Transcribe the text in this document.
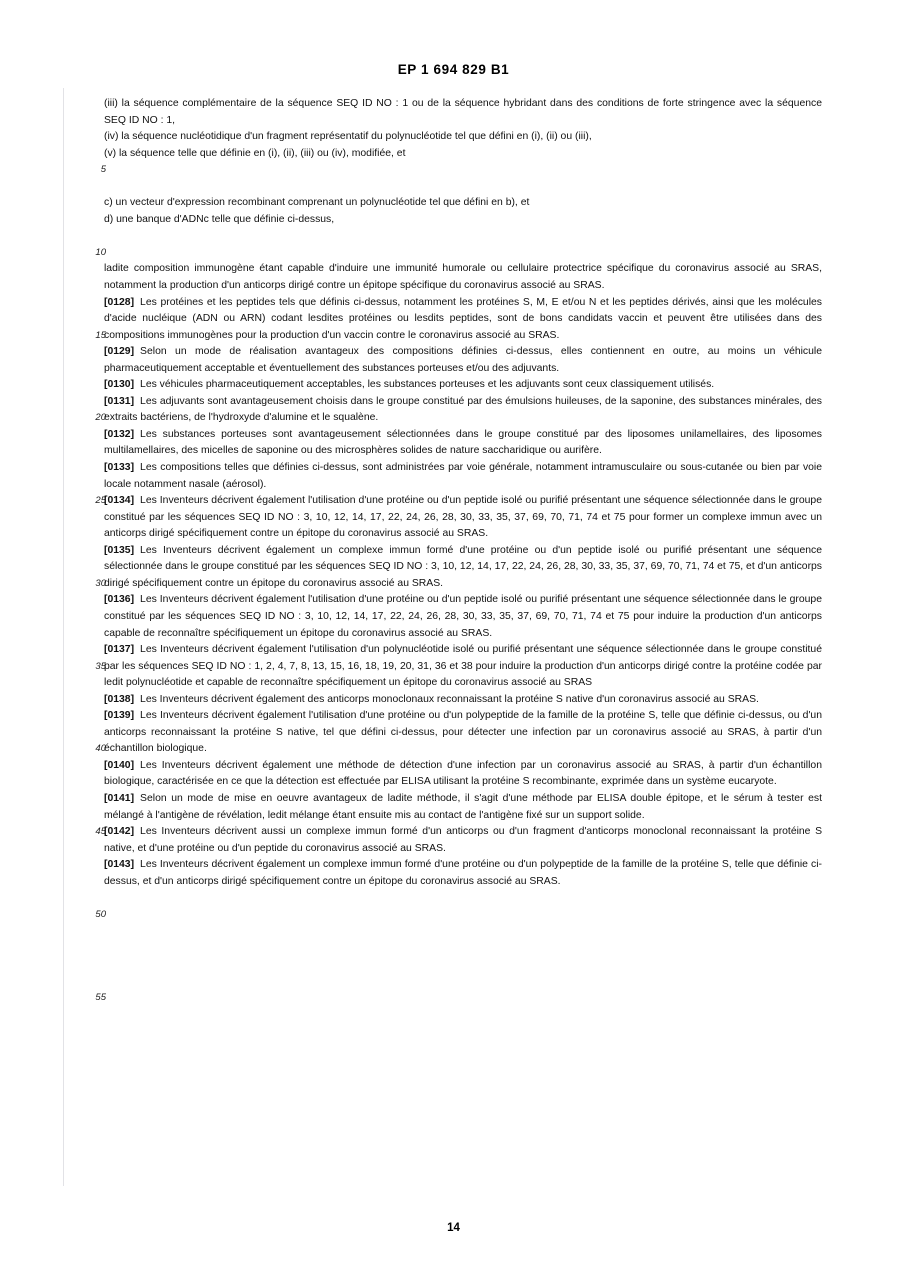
EP 1 694 829 B1
5
10
15
20
25
30
35
40
45
50
55

(iii) la séquence complémentaire de la séquence SEQ ID NO : 1 ou de la séquence hybridant dans des conditions de forte stringence avec la séquence SEQ ID NO : 1,

(iv) la séquence nucléotidique d'un fragment représentatif du polynucléotide tel que défini en (i), (ii) ou (iii),

(v) la séquence telle que définie en (i), (ii), (iii) ou (iv), modifiée, et

c) un vecteur d'expression recombinant comprenant un polynucléotide tel que défini en b), et

d) une banque d'ADNc telle que définie ci-dessus,

ladite composition immunogène étant capable d'induire une immunité humorale ou cellulaire protectrice spécifique du coronavirus associé au SRAS, notamment la production d'un anticorps dirigé contre un épitope spécifique du coronavirus associé au SRAS.

[0128] Les protéines et les peptides tels que définis ci-dessus, notamment les protéines S, M, E et/ou N et les peptides dérivés, ainsi que les molécules d'acide nucléique (ADN ou ARN) codant lesdites protéines ou lesdits peptides, sont de bons candidats vaccin et peuvent être utilisées dans des compositions immunogènes pour la production d'un vaccin contre le coronavirus associé au SRAS.

[0129] Selon un mode de réalisation avantageux des compositions définies ci-dessus, elles contiennent en outre, au moins un véhicule pharmaceutiquement acceptable et éventuellement des substances porteuses et/ou des adjuvants.

[0130] Les véhicules pharmaceutiquement acceptables, les substances porteuses et les adjuvants sont ceux classiquement utilisés.

[0131] Les adjuvants sont avantageusement choisis dans le groupe constitué par des émulsions huileuses, de la saponine, des substances minérales, des extraits bactériens, de l'hydroxyde d'alumine et le squalène.

[0132] Les substances porteuses sont avantageusement sélectionnées dans le groupe constitué par des liposomes unilamellaires, des liposomes multilamellaires, des micelles de saponine ou des microsphères solides de nature saccharidique ou aurifère.

[0133] Les compositions telles que définies ci-dessus, sont administrées par voie générale, notamment intramusculaire ou sous-cutanée ou bien par voie locale notamment nasale (aérosol).

[0134] Les Inventeurs décrivent également l'utilisation d'une protéine ou d'un peptide isolé ou purifié présentant une séquence sélectionnée dans le groupe constitué par les séquences SEQ ID NO : 3, 10, 12, 14, 17, 22, 24, 26, 28, 30, 33, 35, 37, 69, 70, 71, 74 et 75 pour former un complexe immun avec un anticorps dirigé spécifiquement contre un épitope du coronavirus associé au SRAS.

[0135] Les Inventeurs décrivent également un complexe immun formé d'une protéine ou d'un peptide isolé ou purifié présentant une séquence sélectionnée dans le groupe constitué par les séquences SEQ ID NO : 3, 10, 12, 14, 17, 22, 24, 26, 28, 30, 33, 35, 37, 69, 70, 71, 74 et 75, et d'un anticorps dirigé spécifiquement contre un épitope du coronavirus associé au SRAS.

[0136] Les Inventeurs décrivent également l'utilisation d'une protéine ou d'un peptide isolé ou purifié présentant une séquence sélectionnée dans le groupe constitué par les séquences SEQ ID NO : 3, 10, 12, 14, 17, 22, 24, 26, 28, 30, 33, 35, 37, 69, 70, 71, 74 et 75 pour induire la production d'un anticorps capable de reconnaître spécifiquement un épitope du coronavirus associé au SRAS.

[0137] Les Inventeurs décrivent également l'utilisation d'un polynucléotide isolé ou purifié présentant une séquence sélectionnée dans le groupe constitué par les séquences SEQ ID NO : 1, 2, 4, 7, 8, 13, 15, 16, 18, 19, 20, 31, 36 et 38 pour induire la production d'un anticorps dirigé contre la protéine codée par ledit polynucléotide et capable de reconnaître spécifiquement un épitope du coronavirus associé au SRAS

[0138] Les Inventeurs décrivent également des anticorps monoclonaux reconnaissant la protéine S native d'un coronavirus associé au SRAS.

[0139] Les Inventeurs décrivent également l'utilisation d'une protéine ou d'un polypeptide de la famille de la protéine S, telle que définie ci-dessus, ou d'un anticorps reconnaissant la protéine S native, tel que défini ci-dessus, pour détecter une infection par un coronavirus associé au SRAS, à partir d'un échantillon biologique.

[0140] Les Inventeurs décrivent également une méthode de détection d'une infection par un coronavirus associé au SRAS, à partir d'un échantillon biologique, caractérisée en ce que la détection est effectuée par ELISA utilisant la protéine S recombinante, exprimée dans un système eucaryote.

[0141] Selon un mode de mise en oeuvre avantageux de ladite méthode, il s'agit d'une méthode par ELISA double épitope, et le sérum à tester est mélangé à l'antigène de révélation, ledit mélange étant ensuite mis au contact de l'antigène fixé sur un support solide.

[0142] Les Inventeurs décrivent aussi un complexe immun formé d'un anticorps ou d'un fragment d'anticorps monoclonal reconnaissant la protéine S native, et d'une protéine ou d'un peptide du coronavirus associé au SRAS.

[0143] Les Inventeurs décrivent également un complexe immun formé d'une protéine ou d'un polypeptide de la famille de la protéine S, telle que définie ci-dessus, et d'un anticorps dirigé spécifiquement contre un épitope du coronavirus associé au SRAS.

14
